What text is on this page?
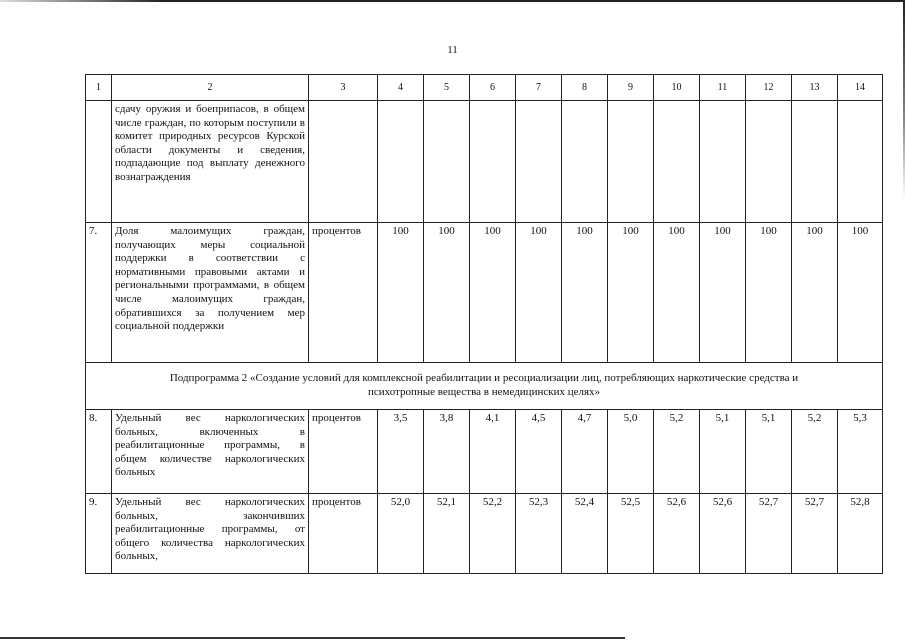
11
1	2	3	4	5	6	7	8	9	10	11	12	13	14
	сдачу оружия и боеприпасов, в общем числе граждан, по которым поступили в комитет природных ресурсов Курской области документы и сведения, подпадающие под выплату денежного вознаграждения												
7.	Доля малоимущих граждан, получающих меры социальной поддержки в соответствии с нормативными правовыми актами и региональными программами, в общем числе малоимущих граждан, обратившихся за получением мер социальной поддержки	процентов	100	100	100	100	100	100	100	100	100	100	100

Подпрограмма 2 «Создание условий для комплексной реабилитации и ресоциализации лиц, потребляющих наркотические средства и
психотропные вещества в немедицинских целях»													

8.	Удельный вес наркологических больных, включенных в реабилитационные программы, в общем количестве наркологических больных	процентов	3,5	3,8	4,1	4,5	4,7	5,0	5,2	5,1	5,1	5,2	5,3
9.	Удельный вес наркологических больных, закончивших реабилитационные программы, от общего количества наркологических больных,	процентов	52,0	52,1	52,2	52,3	52,4	52,5	52,6	52,6	52,7	52,7	52,8
